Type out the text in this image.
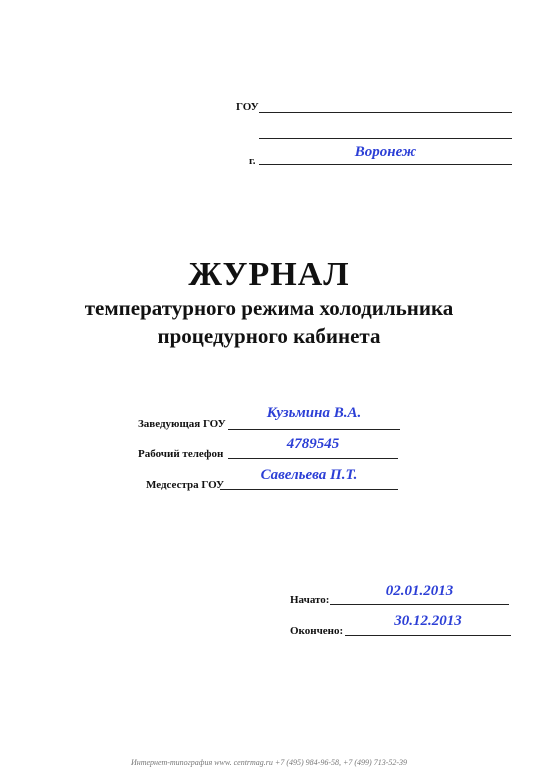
ГОУ
г.
Воронеж
ЖУРНАЛ
температурного режима холодильника
процедурного кабинета
Заведующая ГОУ
Кузьмина В.А.
Рабочий телефон
4789545
Медсестра ГОУ
Савельева П.Т.
Начато:
02.01.2013
Окончено:
30.12.2013
Интернет-типография www. centrmag.ru +7 (495) 984-96-58, +7 (499) 713-52-39
